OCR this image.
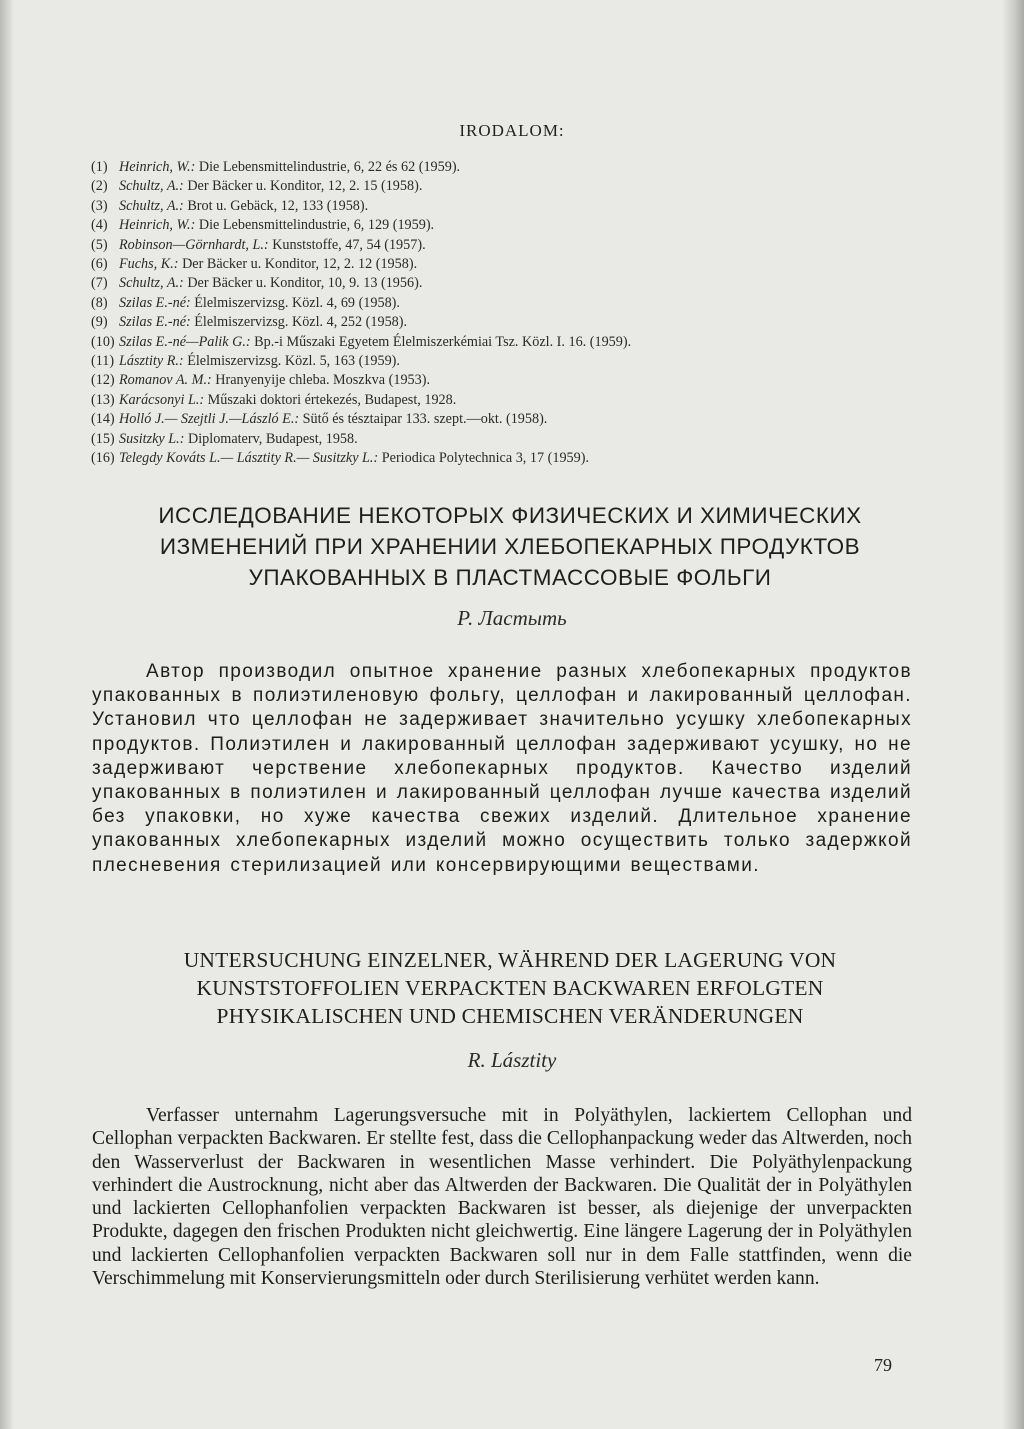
IRODALOM:
(1) Heinrich, W.: Die Lebensmittelindustrie, 6, 22 és 62 (1959).
(2) Schultz, A.: Der Bäcker u. Konditor, 12, 2. 15 (1958).
(3) Schultz, A.: Brot u. Gebäck, 12, 133 (1958).
(4) Heinrich, W.: Die Lebensmittelindustrie, 6, 129 (1959).
(5) Robinson—Görnhardt, L.: Kunststoffe, 47, 54 (1957).
(6) Fuchs, K.: Der Bäcker u. Konditor, 12, 2. 12 (1958).
(7) Schultz, A.: Der Bäcker u. Konditor, 10, 9. 13 (1956).
(8) Szilas E.-né: Élelmiszervizsg. Közl. 4, 69 (1958).
(9) Szilas E.-né: Élelmiszervizsg. Közl. 4, 252 (1958).
(10) Szilas E.-né—Palik G.: Bp.-i Műszaki Egyetem Élelmiszerkémiai Tsz. Közl. I. 16. (1959).
(11) Lásztity R.: Élelmiszervizsg. Közl. 5, 163 (1959).
(12) Romanov A. M.: Hranyenyije chleba. Moszkva (1953).
(13) Karácsonyi L.: Műszaki doktori értekezés, Budapest, 1928.
(14) Holló J.— Szejtli J.—László E.: Sütő és tésztaipar 133. szept.—okt. (1958).
(15) Susitzky L.: Diplomaterv, Budapest, 1958.
(16) Telegdy Kováts L.— Lásztity R.— Susitzky L.: Periodica Polytechnica 3, 17 (1959).
ИССЛЕДОВАНИЕ НЕКОТОРЫХ ФИЗИЧЕСКИХ И ХИМИЧЕСКИХ
ИЗМЕНЕНИЙ ПРИ ХРАНЕНИИ ХЛЕБОПЕКАРНЫХ ПРОДУКТОВ
УПАКОВАННЫХ В ПЛАСТМАССОВЫЕ ФОЛЬГИ
Р. Ластыть

Автор производил опытное хранение разных хлебопекарных продуктов упакованных в полиэтиленовую фольгу, целлофан и лакированный целлофан. Установил что целлофан не задерживает значительно усушку хлебопекарных продуктов. Полиэтилен и лакированный целлофан задерживают усушку, но не задерживают черствение хлебопекарных продуктов. Качество изделий упакованных в полиэтилен и лакированный целлофан лучше качества изделий без упаковки, но хуже качества свежих изделий. Длительное хранение упакованных хлебопекарных изделий можно осуществить только задержкой плесневения стерилизацией или консервирующими веществами.

UNTERSUCHUNG EINZELNER, WÄHREND DER LAGERUNG VON
KUNSTSTOFFOLIEN VERPACKTEN BACKWAREN ERFOLGTEN
PHYSIKALISCHEN UND CHEMISCHEN VERÄNDERUNGEN
R. Lásztity

Verfasser unternahm Lagerungsversuche mit in Polyäthylen, lackiertem Cellophan und Cellophan verpackten Backwaren. Er stellte fest, dass die Cellophanpackung weder das Altwerden, noch den Wasserverlust der Backwaren in wesentlichen Masse verhindert. Die Polyäthylenpackung verhindert die Austrocknung, nicht aber das Altwerden der Backwaren. Die Qualität der in Polyäthylen und lackierten Cellophanfolien verpackten Backwaren ist besser, als diejenige der unverpackten Produkte, dagegen den frischen Produkten nicht gleichwertig. Eine längere Lagerung der in Polyäthylen und lackierten Cellophanfolien verpackten Backwaren soll nur in dem Falle stattfinden, wenn die Verschimmelung mit Konservierungsmitteln oder durch Sterilisierung verhütet werden kann.

79
